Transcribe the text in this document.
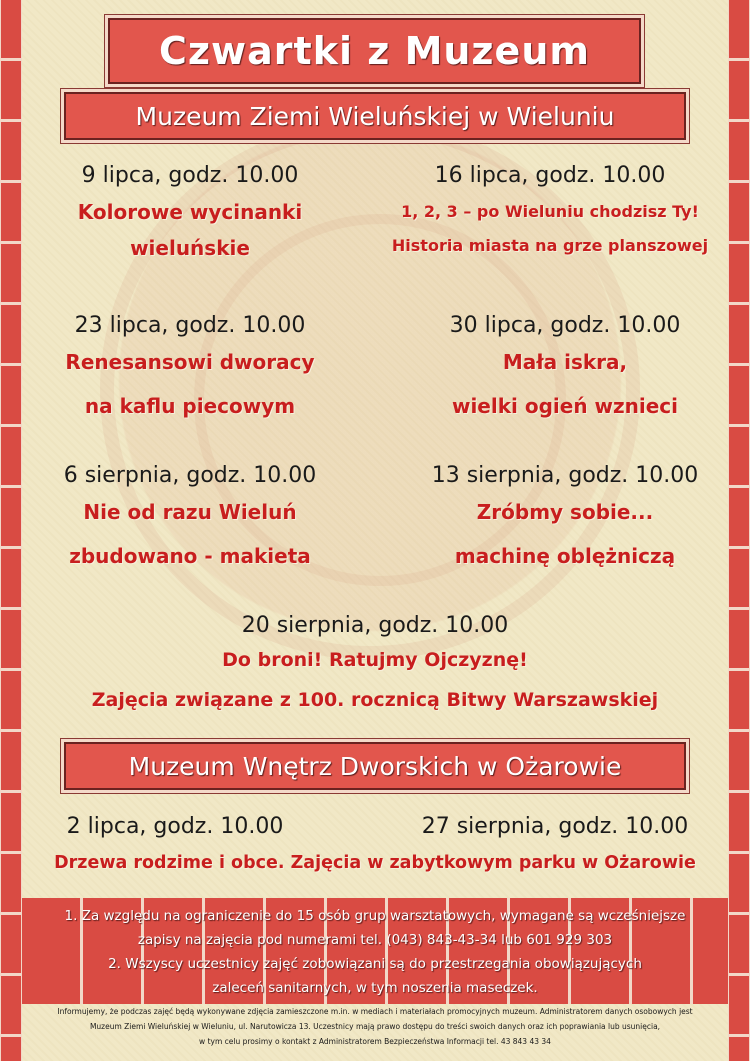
Czwartki z Muzeum
Muzeum Ziemi Wieluńskiej w Wieluniu
9 lipca, godz. 10.00
Kolorowe wycinanki
wieluńskie
16 lipca, godz. 10.00
1, 2, 3 – po Wieluniu chodzisz Ty!
Historia miasta na grze planszowej
23 lipca, godz. 10.00
Renesansowi dworacy
na kaflu piecowym
30 lipca, godz. 10.00
Mała iskra,
wielki ogień wznieci
6 sierpnia, godz. 10.00
Nie od razu Wieluń
zbudowano - makieta
13 sierpnia, godz. 10.00
Zróbmy sobie...
machinę oblężniczą
20 sierpnia, godz. 10.00
Do broni! Ratujmy Ojczyznę!
Zajęcia związane z 100. rocznicą Bitwy Warszawskiej
Muzeum Wnętrz Dworskich w Ożarowie
2 lipca, godz. 10.00	27 sierpnia, godz. 10.00
Drzewa rodzime i obce. Zajęcia w zabytkowym parku w Ożarowie
1. Za względu na ograniczenie do 15 osób grup warsztatowych, wymagane są wcześniejsze
zapisy na zajęcia pod numerami tel. (043) 843-43-34 lub 601 929 303
2. Wszyscy uczestnicy zajęć zobowiązani są do przestrzegania obowiązujących
zaleceń sanitarnych, w tym noszenia maseczek.
Informujemy, że podczas zajęć będą wykonywane zdjęcia zamieszczone m.in. w mediach i materiałach promocyjnych muzeum. Administratorem danych osobowych jest
Muzeum Ziemi Wieluńskiej w Wieluniu, ul. Narutowicza 13. Uczestnicy mają prawo dostępu do treści swoich danych oraz ich poprawiania lub usunięcia,
w tym celu prosimy o kontakt z Administratorem Bezpieczeństwa Informacji tel. 43 843 43 34
